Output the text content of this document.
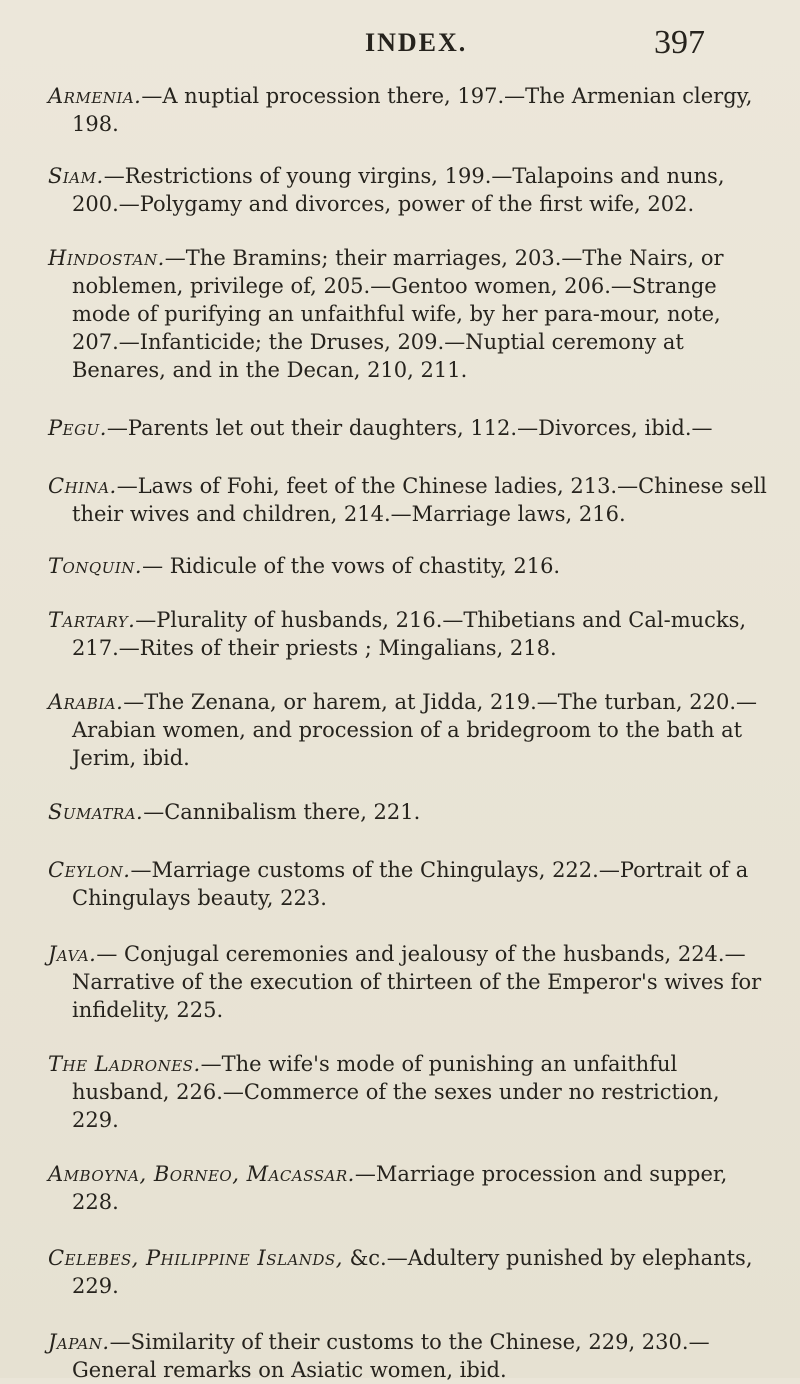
INDEX.	397

Armenia.—A nuptial procession there, 197.—The Armenian clergy, 198.

Siam.—Restrictions of young virgins, 199.—Talapoins and nuns, 200.—Polygamy and divorces, power of the first wife, 202.

Hindostan.—The Bramins; their marriages, 203.—The Nairs, or noblemen, privilege of, 205.—Gentoo women, 206.—Strange mode of purifying an unfaithful wife, by her para-mour, note, 207.—Infanticide; the Druses, 209.—Nuptial ceremony at Benares, and in the Decan, 210, 211.

Pegu.—Parents let out their daughters, 112.—Divorces, ibid.—

China.—Laws of Fohi, feet of the Chinese ladies, 213.—Chinese sell their wives and children, 214.—Marriage laws, 216.

Tonquin.— Ridicule of the vows of chastity, 216.

Tartary.—Plurality of husbands, 216.—Thibetians and Cal-mucks, 217.—Rites of their priests ; Mingalians, 218.

Arabia.—The Zenana, or harem, at Jidda, 219.—The turban, 220.—Arabian women, and procession of a bridegroom to the bath at Jerim, ibid.

Sumatra.—Cannibalism there, 221.

Ceylon.—Marriage customs of the Chingulays, 222.—Portrait of a Chingulays beauty, 223.

Java.— Conjugal ceremonies and jealousy of the husbands, 224.—Narrative of the execution of thirteen of the Emperor's wives for infidelity, 225.

The Ladrones.—The wife's mode of punishing an unfaithful husband, 226.—Commerce of the sexes under no restriction, 229.

Amboyna, Borneo, Macassar.—Marriage procession and supper, 228.

Celebes, Philippine Islands, &c.—Adultery punished by elephants, 229.

Japan.—Similarity of their customs to the Chinese, 229, 230.—General remarks on Asiatic women, ibid.
